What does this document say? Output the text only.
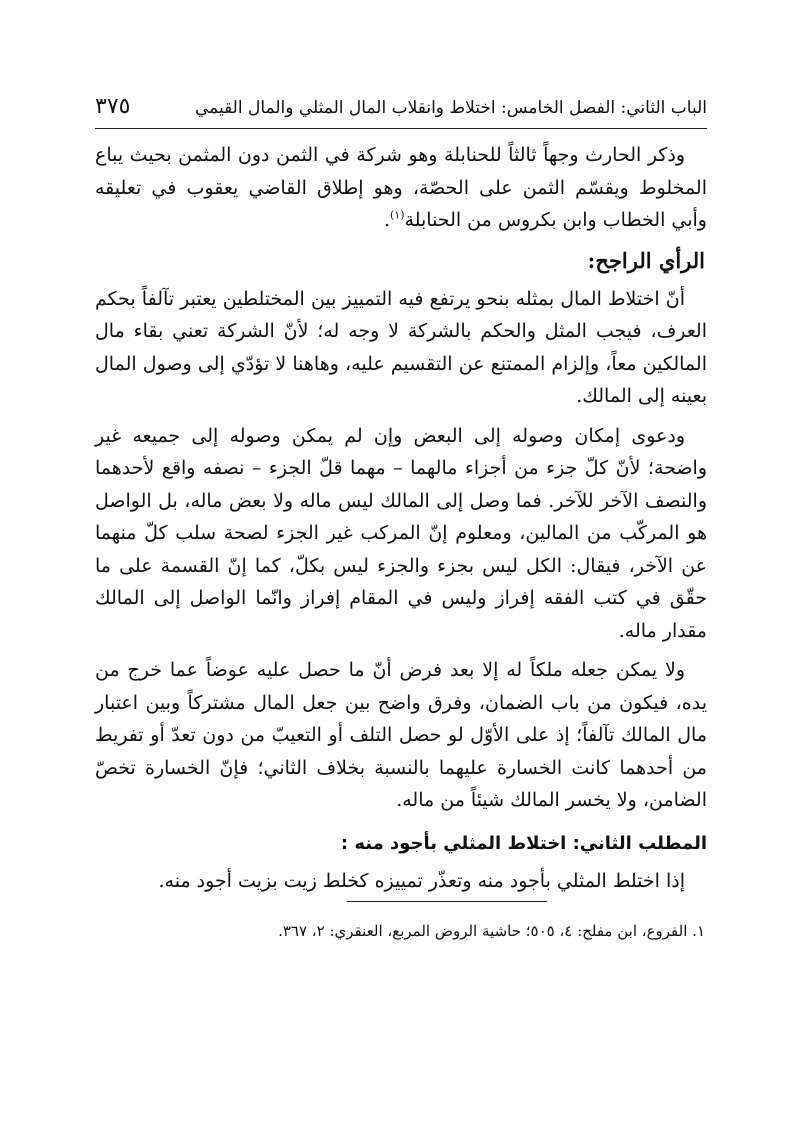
الباب الثاني: الفصل الخامس: اختلاط وانقلاب المال المثلي والمال القيمي
٣٧٥

وذكر الحارث وجهاً ثالثاً للحنابلة وهو شركة في الثمن دون المثمن بحيث يباع المخلوط ويقسّم الثمن على الحصّة، وهو إطلاق القاضي يعقوب في تعليقه وأبي الخطاب وابن بكروس من الحنابلة$^{(١)}$.

الرأي الراجح:

أنّ اختلاط المال بمثله بنحو يرتفع فيه التمييز بين المختلطين يعتبر تآلفاً بحكم العرف، فيجب المثل والحكم بالشركة لا وجه له؛ لأنّ الشركة تعني بقاء مال المالكين معاً، وإلزام الممتنع عن التقسيم عليه، وهاهنا لا تؤدّي إلى وصول المال بعينه إلى المالك.

ودعوى إمكان وصوله إلى البعض وإن لم يمكن وصوله إلى جميعه غير واضحة؛ لأنّ كلّ جزء من أجزاء مالهما – مهما قلّ الجزء – نصفه واقع لأحدهما والنصف الآخر للآخر. فما وصل إلى المالك ليس ماله ولا بعض ماله، بل الواصل هو المركّب من المالين، ومعلوم إنّ المركب غير الجزء لصحة سلب كلّ منهما عن الآخر، فيقال: الكل ليس بجزء والجزء ليس بكلّ، كما إنّ القسمة على ما حقّق في كتب الفقه إفراز وليس في المقام إفراز وانّما الواصل إلى المالك مقدار ماله.

ولا يمكن جعله ملكاً له إلا بعد فرض أنّ ما حصل عليه عوضاً عما خرج من يده، فيكون من باب الضمان، وفرق واضح بين جعل المال مشتركاً وبين اعتبار مال المالك تآلفاً؛ إذ على الأوّل لو حصل التلف أو التعيبّ من دون تعدّ أو تفريط من أحدهما كانت الخسارة عليهما بالنسبة بخلاف الثاني؛ فإنّ الخسارة تخصّ الضامن، ولا يخسر المالك شيئاً من ماله.

المطلب الثاني: اختلاط المثلي بأجود منه :

إذا اختلط المثلي بأجود منه وتعذّر تمييزه كخلط زيت بزيت أجود منه.

١. الفروع، ابن مفلح: ٤، ٥٠٥؛ حاشية الروض المربع، العنقري: ٢، ٣٦٧.
